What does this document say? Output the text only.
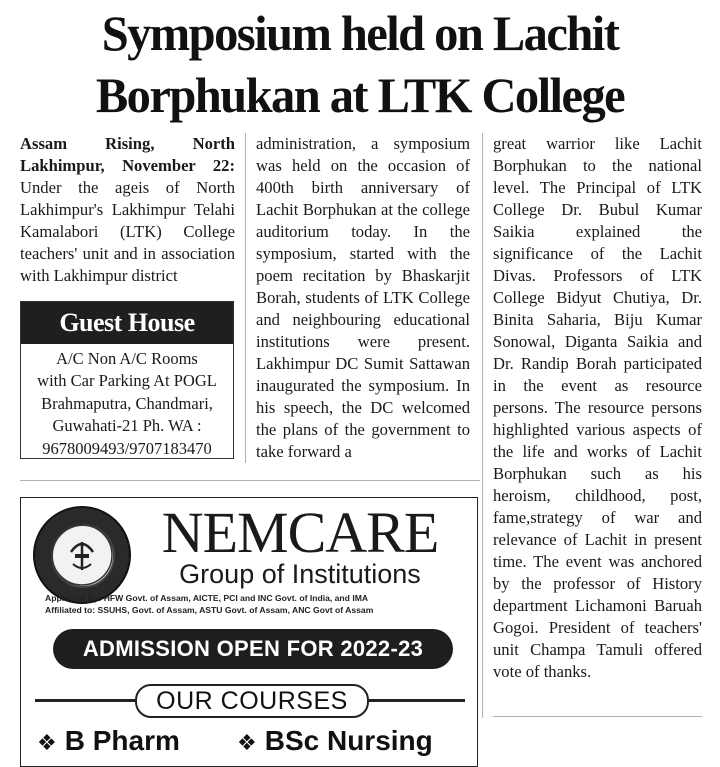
Symposium held on Lachit
Borphukan at LTK College

Assam Rising, North Lakhimpur, November 22: Under the ageis of North Lakhimpur's Lakhimpur Telahi Kamalabori (LTK) College teachers' unit and in association with Lakhimpur district

administration, a symposium was held on the occasion of 400th birth anniversary of Lachit Borphukan at the college auditorium today. In the symposium, started with the poem recitation by Bhaskarjit Borah, students of LTK College and neighbouring educational institutions were present. Lakhimpur DC Sumit Sattawan inaugurated the symposium. In his speech, the DC welcomed the plans of the government to take forward a

great warrior like Lachit Borphukan to the national level. The Principal of LTK College Dr. Bubul Kumar Saikia explained the significance of the Lachit Divas. Professors of LTK College Bidyut Chutiya, Dr. Binita Saharia, Biju Kumar Sonowal, Diganta Saikia and Dr. Randip Borah participated in the event as resource persons. The resource persons highlighted various aspects of the life and works of Lachit Borphukan such as his heroism, childhood, post, fame,strategy of war and relevance of Lachit in present time. The event was anchored by the professor of History department Lichamoni Baruah Gogoi. President of teachers' unit Champa Tamuli offered vote of thanks.

Guest House
A/C Non A/C Rooms
with Car Parking At POGL
Brahmaputra, Chandmari,
Guwahati-21 Ph. WA :
9678009493/9707183470
NEMCARE
Group of Institutions
Approved By: HFW Govt. of Assam, AICTE, PCI and INC Govt. of India, and IMA
Affiliated to: SSUHS, Govt. of Assam, ASTU Govt. of Assam, ANC Govt of Assam
ADMISSION OPEN FOR 2022-23
OUR COURSES
❖ B Pharm	❖ BSc Nursing
